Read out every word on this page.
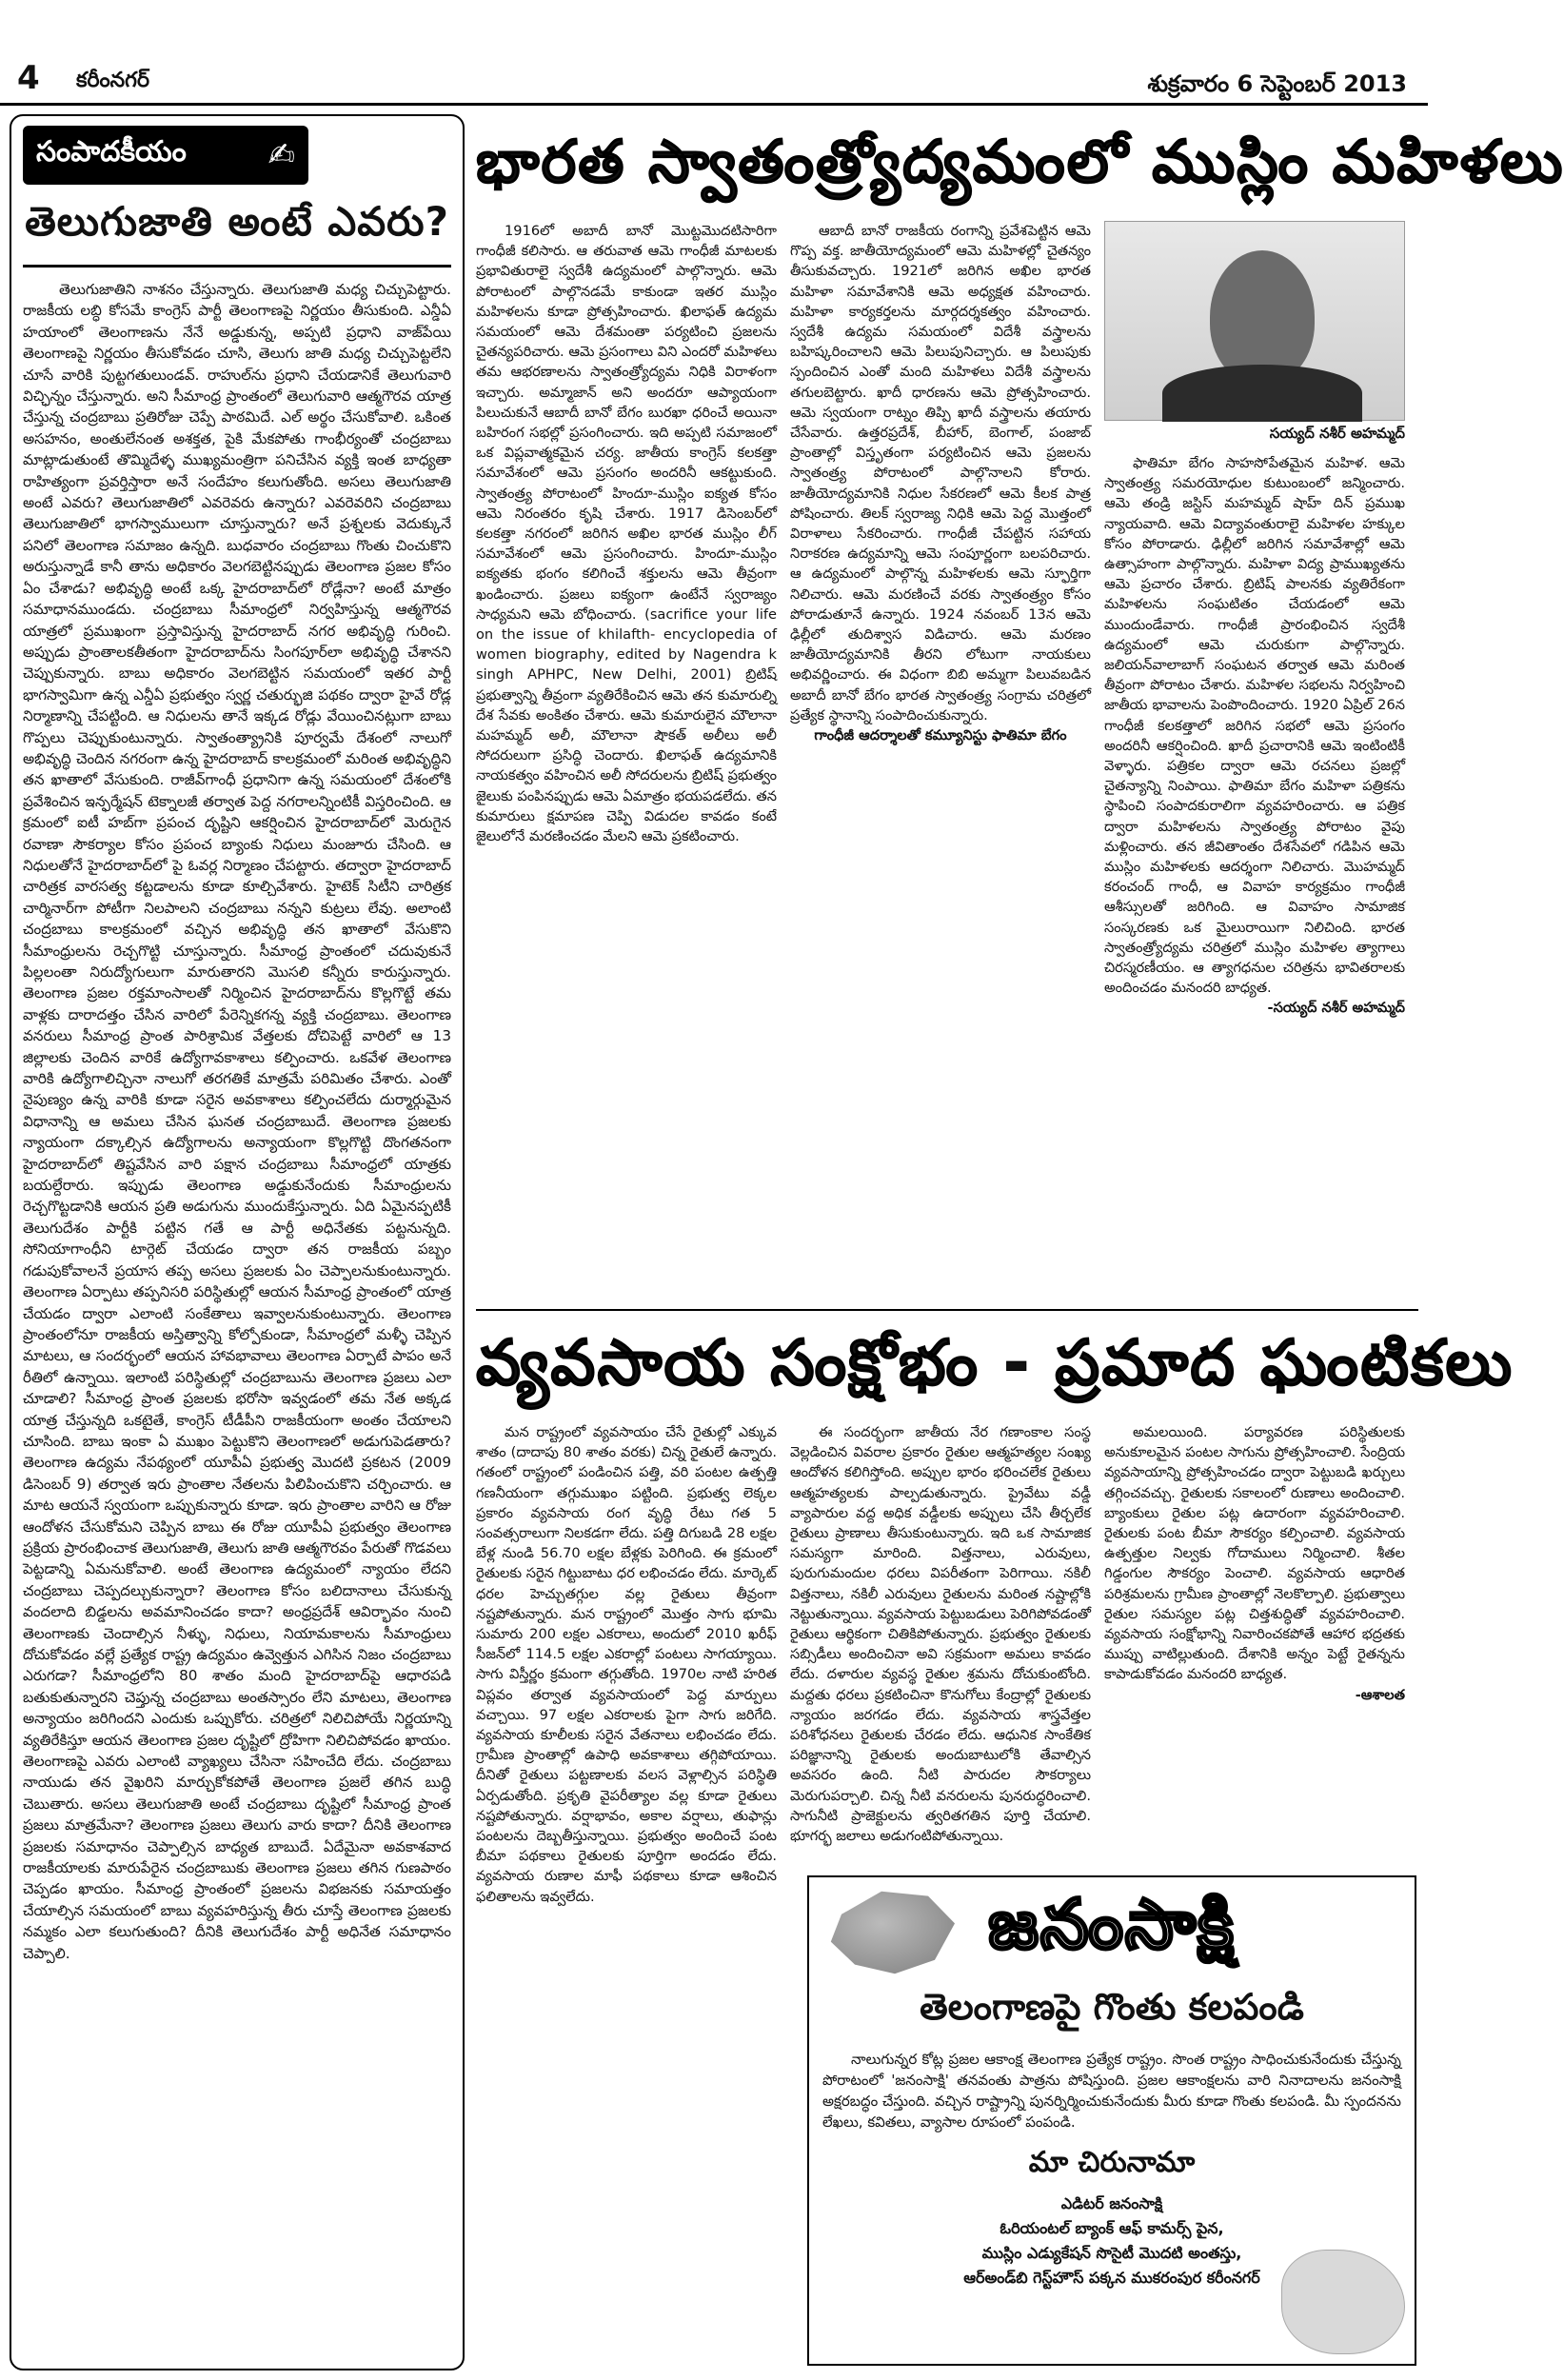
4 కరీంనగర్	శుక్రవారం 6 సెప్టెంబర్ 2013
సంపాదకీయం	✍
తెలుగుజాతి అంటే ఎవరు?

తెలుగుజాతిని నాశనం చేస్తున్నారు. తెలుగుజాతి మధ్య చిచ్చుపెట్టారు. రాజకీయ లబ్ధి కోసమే కాంగ్రెస్ పార్టీ తెలంగాణపై నిర్ణయం తీసుకుంది. ఎన్డీఏ హయాంలో తెలంగాణను నేనే అడ్డుకున్న, అప్పటి ప్రధాని వాజ్‌పేయి తెలంగాణపై నిర్ణయం తీసుకోవడం చూసి, తెలుగు జాతి మధ్య చిచ్చుపెట్టలేని చూసే వారికి పుట్టగతులుండవ్. రాహుల్‌ను ప్రధాని చేయడానికే తెలుగువారి విచ్ఛిన్నం చేస్తున్నారు. అని సీమాంధ్ర ప్రాంతంలో తెలుగువారి ఆత్మగౌరవ యాత్ర చేస్తున్న చంద్రబాబు ప్రతిరోజు చెప్పే పాఠమిదే. ఎల్ అర్థం చేసుకోవాలి. ఒకింత అసహనం, అంతులేనంత అశక్తత, పైకి మేకపోతు గాంభీర్యంతో చంద్రబాబు మాట్లాడుతుంటే తొమ్మిదేళ్ళ ముఖ్యమంత్రిగా పనిచేసిన వ్యక్తి ఇంత బాధ్యతా రాహిత్యంగా ప్రవర్తిస్తారా అనే సందేహం కలుగుతోంది. అసలు తెలుగుజాతి అంటే ఎవరు? తెలుగుజాతిలో ఎవరెవరు ఉన్నారు? ఎవరెవరిని చంద్రబాబు తెలుగుజాతిలో భాగస్వాములుగా చూస్తున్నారు? అనే ప్రశ్నలకు వెదుక్కునే పనిలో తెలంగాణ సమాజం ఉన్నది. బుధవారం చంద్రబాబు గొంతు చించుకొని అరుస్తున్నాడే కానీ తాను అధికారం వెలగబెట్టినప్పుడు తెలంగాణ ప్రజల కోసం ఏం చేశాడు? అభివృద్ధి అంటే ఒక్క హైదరాబాద్‌లో రోడ్లేనా? అంటే మాత్రం సమాధానముండదు. చంద్రబాబు సీమాంధ్రలో నిర్వహిస్తున్న ఆత్మగౌరవ యాత్రలో ప్రముఖంగా ప్రస్తావిస్తున్న హైదరాబాద్ నగర అభివృద్ధి గురించి. అప్పుడు ప్రాంతాలకతీతంగా హైదరాబాద్‌ను సింగపూర్‌లా అభివృద్ధి చేశానని చెప్పుకున్నారు. బాబు అధికారం వెలగబెట్టిన సమయంలో ఇతర పార్టీ భాగస్వామిగా ఉన్న ఎన్డీఏ ప్రభుత్వం స్వర్ణ చతుర్భుజి పథకం ద్వారా హైవే రోడ్ల నిర్మాణాన్ని చేపట్టింది. ఆ నిధులను తానే ఇక్కడ రోడ్లు వేయించినట్లుగా బాబు గొప్పలు చెప్పుకుంటున్నారు. స్వాతంత్య్రానికి పూర్వమే దేశంలో నాలుగో అభివృద్ధి చెందిన నగరంగా ఉన్న హైదరాబాద్ కాలక్రమంలో మరింత అభివృద్ధిని తన ఖాతాలో వేసుకుంది. రాజీవ్‌గాంధీ ప్రధానిగా ఉన్న సమయంలో దేశంలోకి ప్రవేశించిన ఇన్ఫర్మేషన్ టెక్నాలజీ తర్వాత పెద్ద నగరాలన్నింటికీ విస్తరించింది. ఆ క్రమంలో ఐటీ హబ్‌గా ప్రపంచ దృష్టిని ఆకర్షించిన హైదరాబాద్‌లో మెరుగైన రవాణా సౌకర్యాల కోసం ప్రపంచ బ్యాంకు నిధులు మంజూరు చేసింది. ఆ నిధులతోనే హైదరాబాద్‌లో పై ఓవర్ల నిర్మాణం చేపట్టారు. తద్వారా హైదరాబాద్ చారిత్రక వారసత్వ కట్టడాలను కూడా కూల్చివేశారు. హైటెక్ సిటీని చారిత్రక చార్మినార్‌గా పోటీగా నిలపాలని చంద్రబాబు నన్నని కుట్రలు లేవు. అలాంటి చంద్రబాబు కాలక్రమంలో వచ్చిన అభివృద్ధి తన ఖాతాలో వేసుకొని సీమాంధ్రులను రెచ్చగొట్టి చూస్తున్నారు. సీమాంధ్ర ప్రాంతంలో చదువుకునే పిల్లలంతా నిరుద్యోగులుగా మారుతారని మొసలి కన్నీరు కారుస్తున్నారు. తెలంగాణ ప్రజల రక్తమాంసాలతో నిర్మించిన హైదరాబాద్‌ను కొల్లగొట్టే తమ వాళ్లకు దారాదత్తం చేసిన వారిలో పేరెన్నికగన్న వ్యక్తి చంద్రబాబు. తెలంగాణ వనరులు సీమాంధ్ర ప్రాంత పారిశ్రామిక వేత్తలకు దోచిపెట్టే వారిలో ఆ 13 జిల్లాలకు చెందిన వారికే ఉద్యోగావకాశాలు కల్పించారు. ఒకవేళ తెలంగాణ వారికి ఉద్యోగాలిచ్చినా నాలుగో తరగతికే మాత్రమే పరిమితం చేశారు. ఎంతో నైపుణ్యం ఉన్న వారికి కూడా సరైన అవకాశాలు కల్పించలేదు దుర్మార్గుమైన విధానాన్ని ఆ అమలు చేసిన ఘనత చంద్రబాబుదే. తెలంగాణ ప్రజలకు న్యాయంగా దక్కాల్సిన ఉద్యోగాలను అన్యాయంగా కొల్లగొట్టి దొంగతనంగా హైదరాబాద్‌లో తిష్టవేసిన వారి పక్షాన చంద్రబాబు సీమాంధ్రలో యాత్రకు బయల్దేరారు. ఇప్పుడు తెలంగాణ అడ్డుకునేందుకు సీమాంధ్రులను రెచ్చగొట్టడానికి ఆయన ప్రతి అడుగును ముందుకేస్తున్నారు. ఏది ఏమైనప్పటికీ తెలుగుదేశం పార్టీకి పట్టిన గతే ఆ పార్టీ అధినేతకు పట్టనున్నది. సోనియాగాంధీని టార్గెట్ చేయడం ద్వారా తన రాజకీయ పబ్బం గడుపుకోవాలనే ప్రయాస తప్ప అసలు ప్రజలకు ఏం చెప్పాలనుకుంటున్నారు. తెలంగాణ ఏర్పాటు తప్పనిసరి పరిస్థితుల్లో ఆయన సీమాంధ్ర ప్రాంతంలో యాత్ర చేయడం ద్వారా ఎలాంటి సంకేతాలు ఇవ్వాలనుకుంటున్నారు. తెలంగాణ ప్రాంతంలోనూ రాజకీయ అస్తిత్వాన్ని కోల్పోకుండా, సీమాంధ్రలో మళ్ళీ చెప్పిన మాటలు, ఆ సందర్భంలో ఆయన హావభావాలు తెలంగాణ ఏర్పాటే పాపం అనే రీతిలో ఉన్నాయి. ఇలాంటి పరిస్థితుల్లో చంద్రబాబును తెలంగాణ ప్రజలు ఎలా చూడాలి? సీమాంధ్ర ప్రాంత ప్రజలకు భరోసా ఇవ్వడంలో తమ నేత అక్కడ యాత్ర చేస్తున్నది ఒకటైతే, కాంగ్రెస్ టీడీపీని రాజకీయంగా అంతం చేయాలని చూసింది. బాబు ఇంకా ఏ ముఖం పెట్టుకొని తెలంగాణలో అడుగుపెడతారు? తెలంగాణ ఉద్యమ నేపథ్యంలో యూపీఏ ప్రభుత్వ మొదటి ప్రకటన (2009 డిసెంబర్ 9) తర్వాత ఇరు ప్రాంతాల నేతలను పిలిపించుకొని చర్చించారు. ఆ మాట ఆయనే స్వయంగా ఒప్పుకున్నారు కూడా. ఇరు ప్రాంతాల వారిని ఆ రోజు ఆందోళన చేసుకోమని చెప్పిన బాబు ఈ రోజు యూపీఏ ప్రభుత్వం తెలంగాణ ప్రక్రియ ప్రారంభించాక తెలుగుజాతి, తెలుగు జాతి ఆత్మగౌరవం పేరుతో గొడవలు పెట్టడాన్ని ఏమనుకోవాలి. అంటే తెలంగాణ ఉద్యమంలో న్యాయం లేదని చంద్రబాబు చెప్పదల్చుకున్నారా? తెలంగాణ కోసం బలిదానాలు చేసుకున్న వందలాది బిడ్డలను అవమానించడం కాదా? అంధ్రప్రదేశ్ ఆవిర్భావం నుంచి తెలంగాణకు చెందాల్సిన నీళ్ళు, నిధులు, నియామకాలను సీమాంధ్రులు దోచుకోవడం వల్లే ప్రత్యేక రాష్ట్ర ఉద్యమం ఉవ్వెత్తున ఎగిసిన నిజం చంద్రబాబు ఎరుగడా? సీమాంధ్రలోని 80 శాతం మంది హైదరాబాద్‌పై ఆధారపడి బతుకుతున్నారని చెప్తున్న చంద్రబాబు అంతస్సారం లేని మాటలు, తెలంగాణ అన్యాయం జరిగిందని ఎందుకు ఒప్పుకోరు. చరిత్రలో నిలిచిపోయే నిర్ణయాన్ని వ్యతిరేకిస్తూ ఆయన తెలంగాణ ప్రజల దృష్టిలో ద్రోహిగా నిలిచిపోవడం ఖాయం. తెలంగాణపై ఎవరు ఎలాంటి వ్యాఖ్యలు చేసినా సహించేది లేదు. చంద్రబాబు నాయుడు తన వైఖరిని మార్చుకోకపోతే తెలంగాణ ప్రజలే తగిన బుద్ధి చెబుతారు. అసలు తెలుగుజాతి అంటే చంద్రబాబు దృష్టిలో సీమాంధ్ర ప్రాంత ప్రజలు మాత్రమేనా? తెలంగాణ ప్రజలు తెలుగు వారు కాదా? దీనికి తెలంగాణ ప్రజలకు సమాధానం చెప్పాల్సిన బాధ్యత బాబుదే. ఏదేమైనా అవకాశవాద రాజకీయాలకు మారుపేరైన చంద్రబాబుకు తెలంగాణ ప్రజలు తగిన గుణపాఠం చెప్పడం ఖాయం. సీమాంధ్ర ప్రాంతంలో ప్రజలను విభజనకు సమాయత్తం చేయాల్సిన సమయంలో బాబు వ్యవహరిస్తున్న తీరు చూస్తే తెలంగాణ ప్రజలకు నమ్మకం ఎలా కలుగుతుంది? దీనికి తెలుగుదేశం పార్టీ అధినేత సమాధానం చెప్పాలి.

భారత స్వాతంత్ర్యోద్యమంలో ముస్లిం మహిళలు

1916లో అబాదీ బానో మొట్టమొదటిసారిగా గాంధీజీ కలిసారు. ఆ తరువాత ఆమె గాంధీజీ మాటలకు ప్రభావితురాలై స్వదేశీ ఉద్యమంలో పాల్గొన్నారు. ఆమె పోరాటంలో పాల్గొనడమే కాకుండా ఇతర ముస్లిం మహిళలను కూడా ప్రోత్సహించారు. ఖిలాఫత్ ఉద్యమ సమయంలో ఆమె దేశమంతా పర్యటించి ప్రజలను చైతన్యపరిచారు. ఆమె ప్రసంగాలు విని ఎందరో మహిళలు తమ ఆభరణాలను స్వాతంత్ర్యోద్యమ నిధికి విరాళంగా ఇచ్చారు. అమ్మాజాన్ అని అందరూ ఆప్యాయంగా పిలుచుకునే ఆబాదీ బానో బేగం బురఖా ధరించే అయినా బహిరంగ సభల్లో ప్రసంగించారు. ఇది అప్పటి సమాజంలో ఒక విప్లవాత్మకమైన చర్య. జాతీయ కాంగ్రెస్ కలకత్తా సమావేశంలో ఆమె ప్రసంగం అందరినీ ఆకట్టుకుంది. స్వాతంత్ర్య పోరాటంలో హిందూ-ముస్లిం ఐక్యత కోసం ఆమె నిరంతరం కృషి చేశారు. 1917 డిసెంబర్‌లో కలకత్తా నగరంలో జరిగిన అఖిల భారత ముస్లిం లీగ్ సమావేశంలో ఆమె ప్రసంగించారు. హిందూ-ముస్లిం ఐక్యతకు భంగం కలిగించే శక్తులను ఆమె తీవ్రంగా ఖండించారు. ప్రజలు ఐక్యంగా ఉంటేనే స్వరాజ్యం సాధ్యమని ఆమె బోధించారు. (sacrifice your life on the issue of khilafth- encyclopedia of women biography, edited by Nagendra k singh APHPC, New Delhi, 2001) బ్రిటిష్ ప్రభుత్వాన్ని తీవ్రంగా వ్యతిరేకించిన ఆమె తన కుమారుల్ని దేశ సేవకు అంకితం చేశారు. ఆమె కుమారులైన మౌలానా మహమ్మద్ అలీ, మౌలానా షౌకత్ అలీలు అలీ సోదరులుగా ప్రసిద్ధి చెందారు. ఖిలాఫత్ ఉద్యమానికి నాయకత్వం వహించిన అలీ సోదరులను బ్రిటిష్ ప్రభుత్వం జైలుకు పంపినప్పుడు ఆమె ఏమాత్రం భయపడలేదు. తన కుమారులు క్షమాపణ చెప్పి విడుదల కావడం కంటే జైలులోనే మరణించడం మేలని ఆమె ప్రకటించారు.

ఆబాదీ బానో రాజకీయ రంగాన్ని ప్రవేశపెట్టిన ఆమె గొప్ప వక్త. జాతీయోద్యమంలో ఆమె మహిళల్లో చైతన్యం తీసుకువచ్చారు. 1921లో జరిగిన అఖిల భారత మహిళా సమావేశానికి ఆమె అధ్యక్షత వహించారు. మహిళా కార్యకర్తలను మార్గదర్శకత్వం వహించారు. స్వదేశీ ఉద్యమ సమయంలో విదేశీ వస్త్రాలను బహిష్కరించాలని ఆమె పిలుపునిచ్చారు. ఆ పిలుపుకు స్పందించిన ఎంతో మంది మహిళలు విదేశీ వస్త్రాలను తగులబెట్టారు. ఖాదీ ధారణను ఆమె ప్రోత్సహించారు. ఆమె స్వయంగా రాట్నం తిప్పి ఖాదీ వస్త్రాలను తయారు చేసేవారు. ఉత్తరప్రదేశ్, బీహార్, బెంగాల్, పంజాబ్ ప్రాంతాల్లో విస్తృతంగా పర్యటించిన ఆమె ప్రజలను స్వాతంత్ర్య పోరాటంలో పాల్గొనాలని కోరారు. జాతీయోద్యమానికి నిధుల సేకరణలో ఆమె కీలక పాత్ర పోషించారు. తిలక్ స్వరాజ్య నిధికి ఆమె పెద్ద మొత్తంలో విరాళాలు సేకరించారు. గాంధీజీ చేపట్టిన సహాయ నిరాకరణ ఉద్యమాన్ని ఆమె సంపూర్ణంగా బలపరిచారు. ఆ ఉద్యమంలో పాల్గొన్న మహిళలకు ఆమె స్ఫూర్తిగా నిలిచారు. ఆమె మరణించే వరకు స్వాతంత్ర్యం కోసం పోరాడుతూనే ఉన్నారు. 1924 నవంబర్ 13న ఆమె ఢిల్లీలో తుదిశ్వాస విడిచారు. ఆమె మరణం జాతీయోద్యమానికి తీరని లోటుగా నాయకులు అభివర్ణించారు. ఈ విధంగా బిబి అమ్మగా పిలువబడిన అబాదీ బానో బేగం భారత స్వాతంత్ర్య సంగ్రామ చరిత్రలో ప్రత్యేక స్థానాన్ని సంపాదించుకున్నారు.

గాంధీజీ ఆదర్శాలతో కమ్యూనిస్టు ఫాతిమా బేగం

సయ్యద్ నశీర్ అహమ్మద్

ఫాతిమా బేగం సాహసోపేతమైన మహిళ. ఆమె స్వాతంత్ర్య సమరయోధుల కుటుంబంలో జన్మించారు. ఆమె తండ్రి జస్టిస్ మహమ్మద్ షాహ్ దిన్ ప్రముఖ న్యాయవాది. ఆమె విద్యావంతురాలై మహిళల హక్కుల కోసం పోరాడారు. ఢిల్లీలో జరిగిన సమావేశాల్లో ఆమె ఉత్సాహంగా పాల్గొన్నారు. మహిళా విద్య ప్రాముఖ్యతను ఆమె ప్రచారం చేశారు. బ్రిటిష్ పాలనకు వ్యతిరేకంగా మహిళలను సంఘటితం చేయడంలో ఆమె ముందుండేవారు. గాంధీజీ ప్రారంభించిన స్వదేశీ ఉద్యమంలో ఆమె చురుకుగా పాల్గొన్నారు. జలియన్‌వాలాబాగ్ సంఘటన తర్వాత ఆమె మరింత తీవ్రంగా పోరాటం చేశారు. మహిళల సభలను నిర్వహించి జాతీయ భావాలను పెంపొందించారు. 1920 ఏప్రిల్ 26న గాంధీజీ కలకత్తాలో జరిగిన సభలో ఆమె ప్రసంగం అందరినీ ఆకర్షించింది. ఖాదీ ప్రచారానికి ఆమె ఇంటింటికీ వెళ్ళారు. పత్రికల ద్వారా ఆమె రచనలు ప్రజల్లో చైతన్యాన్ని నింపాయి. ఫాతిమా బేగం మహిళా పత్రికను స్థాపించి సంపాదకురాలిగా వ్యవహరించారు. ఆ పత్రిక ద్వారా మహిళలను స్వాతంత్ర్య పోరాటం వైపు మళ్లించారు. తన జీవితాంతం దేశసేవలో గడిపిన ఆమె ముస్లిం మహిళలకు ఆదర్శంగా నిలిచారు. మొహమ్మద్ కరంచంద్ గాంధీ, ఆ వివాహ కార్యక్రమం గాంధీజీ ఆశీస్సులతో జరిగింది. ఆ వివాహం సామాజిక సంస్కరణకు ఒక మైలురాయిగా నిలిచింది. భారత స్వాతంత్ర్యోద్యమ చరిత్రలో ముస్లిం మహిళల త్యాగాలు చిరస్మరణీయం. ఆ త్యాగధనుల చరిత్రను భావితరాలకు అందించడం మనందరి బాధ్యత.

-సయ్యద్ నశీర్ అహమ్మద్

వ్యవసాయ సంక్షోభం - ప్రమాద ఘంటికలు

మన రాష్ట్రంలో వ్యవసాయం చేసే రైతుల్లో ఎక్కువ శాతం (దాదాపు 80 శాతం వరకు) చిన్న రైతులే ఉన్నారు. గతంలో రాష్ట్రంలో పండించిన పత్తి, వరి పంటల ఉత్పత్తి గణనీయంగా తగ్గుముఖం పట్టింది. ప్రభుత్వ లెక్కల ప్రకారం వ్యవసాయ రంగ వృద్ధి రేటు గత 5 సంవత్సరాలుగా నిలకడగా లేదు. పత్తి దిగుబడి 28 లక్షల బేళ్ల నుండి 56.70 లక్షల బేళ్లకు పెరిగింది. ఈ క్రమంలో రైతులకు సరైన గిట్టుబాటు ధర లభించడం లేదు. మార్కెట్ ధరల హెచ్చుతగ్గుల వల్ల రైతులు తీవ్రంగా నష్టపోతున్నారు. మన రాష్ట్రంలో మొత్తం సాగు భూమి సుమారు 200 లక్షల ఎకరాలు, అందులో 2010 ఖరీఫ్ సీజన్‌లో 114.5 లక్షల ఎకరాల్లో పంటలు సాగయ్యాయి. సాగు విస్తీర్ణం క్రమంగా తగ్గుతోంది. 1970ల నాటి హరిత విప్లవం తర్వాత వ్యవసాయంలో పెద్ద మార్పులు వచ్చాయి. 97 లక్షల ఎకరాలకు పైగా సాగు జరిగేది. వ్యవసాయ కూలీలకు సరైన వేతనాలు లభించడం లేదు. గ్రామీణ ప్రాంతాల్లో ఉపాధి అవకాశాలు తగ్గిపోయాయి. దీనితో రైతులు పట్టణాలకు వలస వెళ్లాల్సిన పరిస్థితి ఏర్పడుతోంది. ప్రకృతి వైపరీత్యాల వల్ల కూడా రైతులు నష్టపోతున్నారు. వర్షాభావం, అకాల వర్షాలు, తుఫాన్లు పంటలను దెబ్బతీస్తున్నాయి. ప్రభుత్వం అందించే పంట బీమా పథకాలు రైతులకు పూర్తిగా అందడం లేదు. వ్యవసాయ రుణాల మాఫీ పథకాలు కూడా ఆశించిన ఫలితాలను ఇవ్వలేదు.

ఈ సందర్భంగా జాతీయ నేర గణాంకాల సంస్థ వెల్లడించిన వివరాల ప్రకారం రైతుల ఆత్మహత్యల సంఖ్య ఆందోళన కలిగిస్తోంది. అప్పుల భారం భరించలేక రైతులు ఆత్మహత్యలకు పాల్పడుతున్నారు. ప్రైవేటు వడ్డీ వ్యాపారుల వద్ద అధిక వడ్డీలకు అప్పులు చేసి తీర్చలేక రైతులు ప్రాణాలు తీసుకుంటున్నారు. ఇది ఒక సామాజిక సమస్యగా మారింది. విత్తనాలు, ఎరువులు, పురుగుమందుల ధరలు విపరీతంగా పెరిగాయి. నకిలీ విత్తనాలు, నకిలీ ఎరువులు రైతులను మరింత నష్టాల్లోకి నెట్టుతున్నాయి. వ్యవసాయ పెట్టుబడులు పెరిగిపోవడంతో రైతులు ఆర్థికంగా చితికిపోతున్నారు. ప్రభుత్వం రైతులకు సబ్సిడీలు అందించినా అవి సక్రమంగా అమలు కావడం లేదు. దళారుల వ్యవస్థ రైతుల శ్రమను దోచుకుంటోంది. మద్దతు ధరలు ప్రకటించినా కొనుగోలు కేంద్రాల్లో రైతులకు న్యాయం జరగడం లేదు. వ్యవసాయ శాస్త్రవేత్తల పరిశోధనలు రైతులకు చేరడం లేదు. ఆధునిక సాంకేతిక పరిజ్ఞానాన్ని రైతులకు అందుబాటులోకి తేవాల్సిన అవసరం ఉంది. నీటి పారుదల సౌకర్యాలు మెరుగుపర్చాలి. చిన్న నీటి వనరులను పునరుద్ధరించాలి. సాగునీటి ప్రాజెక్టులను త్వరితగతిన పూర్తి చేయాలి. భూగర్భ జలాలు అడుగంటిపోతున్నాయి.

అమలయింది. పర్యావరణ పరిస్థితులకు అనుకూలమైన పంటల సాగును ప్రోత్సహించాలి. సేంద్రియ వ్యవసాయాన్ని ప్రోత్సహించడం ద్వారా పెట్టుబడి ఖర్చులు తగ్గించవచ్చు. రైతులకు సకాలంలో రుణాలు అందించాలి. బ్యాంకులు రైతుల పట్ల ఉదారంగా వ్యవహరించాలి. రైతులకు పంట బీమా సౌకర్యం కల్పించాలి. వ్యవసాయ ఉత్పత్తుల నిల్వకు గోదాములు నిర్మించాలి. శీతల గిడ్డంగుల సౌకర్యం పెంచాలి. వ్యవసాయ ఆధారిత పరిశ్రమలను గ్రామీణ ప్రాంతాల్లో నెలకొల్పాలి. ప్రభుత్వాలు రైతుల సమస్యల పట్ల చిత్తశుద్ధితో వ్యవహరించాలి. వ్యవసాయ సంక్షోభాన్ని నివారించకపోతే ఆహార భద్రతకు ముప్పు వాటిల్లుతుంది. దేశానికి అన్నం పెట్టే రైతన్నను కాపాడుకోవడం మనందరి బాధ్యత.

-ఆశాలత

జనంసాక్షి
తెలంగాణపై గొంతు కలపండి
నాలుగున్నర కోట్ల ప్రజల ఆకాంక్ష తెలంగాణ ప్రత్యేక రాష్ట్రం. సొంత రాష్ట్రం సాధించుకునేందుకు చేస్తున్న పోరాటంలో 'జనంసాక్షి' తనవంతు పాత్రను పోషిస్తుంది. ప్రజల ఆకాంక్షలను వారి నినాదాలను జనంసాక్షి అక్షరబద్ధం చేస్తుంది. వచ్చిన రాష్ట్రాన్ని పునర్నిర్మించుకునేందుకు మీరు కూడా గొంతు కలపండి. మీ స్పందనను లేఖలు, కవితలు, వ్యాసాల రూపంలో పంపండి.
మా చిరునామా
ఎడిటర్ జనంసాక్షి
ఓరియంటల్ బ్యాంక్ ఆఫ్ కామర్స్ పైన,
ముస్లిం ఎడ్యుకేషన్ సొసైటీ మొదటి అంతస్తు,
ఆర్‌అండ్‌బి గెస్ట్‌హౌస్ పక్కన ముకరంపుర కరీంనగర్
